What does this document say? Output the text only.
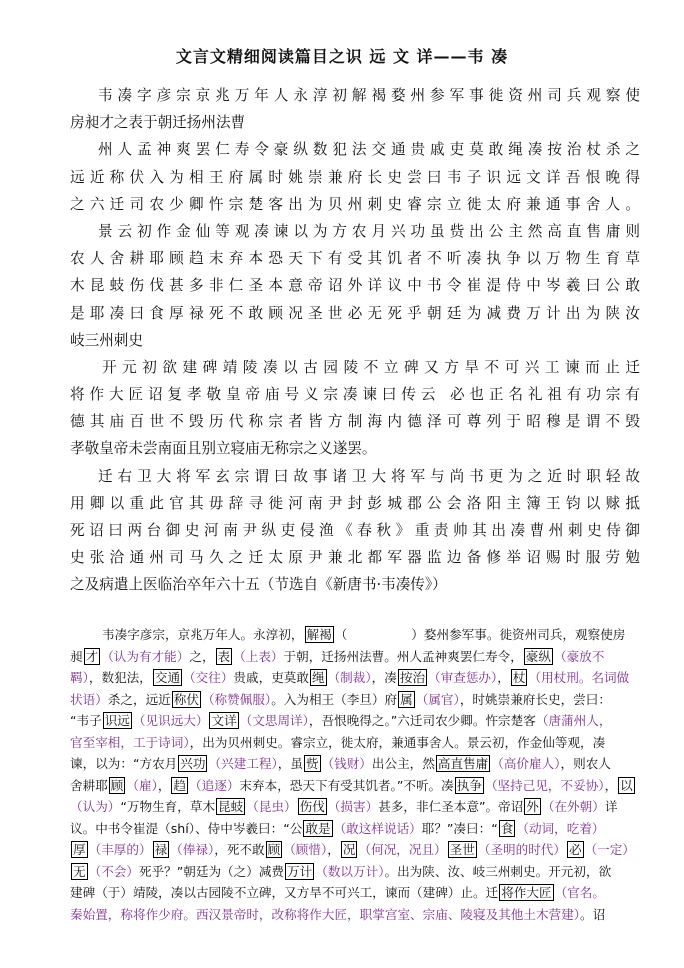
文言文精细阅读篇目之识 远 文 详——韦 凑
韦凑字彦宗京兆万年人永淳初解褐婺州参军事徙资州司兵观察使
房昶才之表于朝迁扬州法曹
州人孟神爽罢仁寿令豪纵数犯法交通贵戚吏莫敢绳凑按治杖杀之
远近称伏入为相王府属时姚崇兼府长史尝曰韦子识远文详吾恨晚得
之六迁司农少卿忤宗楚客出为贝州刺史睿宗立徙太府兼通事舍人。
景云初作金仙等观凑谏以为方农月兴功虽赀出公主然高直售庸则
农人舍耕耶顾趋末弃本恐天下有受其饥者不听凑执争以万物生育草
木昆蚑伤伐甚多非仁圣本意帝诏外详议中书令崔湜侍中岑羲曰公敢
是耶凑曰食厚禄死不敢顾况圣世必无死乎朝廷为减费万计出为陕汝
岐三州刺史
开元初欲建碑靖陵凑以古园陵不立碑又方旱不可兴工谏而止迁
将作大匠诏复孝敬皇帝庙号义宗凑谏曰传云 必也正名礼祖有功宗有
德其庙百世不毁历代称宗者皆方制海内德泽可尊列于昭穆是谓不毁
孝敬皇帝未尝南面且别立寝庙无称宗之义遂罢。
迁右卫大将军玄宗谓曰故事诸卫大将军与尚书更为之近时职轻故
用卿以重此官其毋辞寻徙河南尹封彭城郡公会洛阳主簿王钧以赇抵
死诏曰两台御史河南尹纵吏侵渔《春秋》重责帅其出凑曹州刺史侍御
史张洽通州司马久之迁太原尹兼北都军器监边备修举诏赐时服劳勉
之及病遣上医临治卒年六十五（节选自《新唐书·韦凑传》）
韦凑字彦宗，京兆万年人。永淳初， 解褐 （	）婺州参军事。徙资州司兵，观察使房
昶 才 （认为有才能）之， 表 （上表）于朝，迁扬州法曹。州人孟神爽罢仁寿令， 豪纵 （豪放不
羁），数犯法， 交通 （交往）贵戚，吏莫敢 绳 （制裁），凑 按治 （审查惩办）， 杖 （用杖刑。名词做
状语）杀之，远近 称伏 （称赞佩服）。入为相王（李旦）府 属 （属官），时姚崇兼府长史，尝曰：
“韦子 识远 （见识远大） 文详 （文思周详），吾恨晚得之。”六迁司农少卿。忤宗楚客（唐蒲州人，
官至宰相，工于诗词），出为贝州刺史。睿宗立，徙太府，兼通事舍人。景云初，作金仙等观，凑
谏，以为：“方农月 兴功 （兴建工程），虽 赀 （钱财）出公主，然 高直售庸 （高价雇人），则农人
舍耕耶 顾 （雇）， 趋 （追逐）末弃本，恐天下有受其饥者。”不听。凑 执争 （坚持己见，不妥协）， 以
（认为）“万物生育，草木 昆蚑 （昆虫） 伤伐 （损害）甚多，非仁圣本意”。帝诏 外 （在外朝）详
议。中书令崔湜（shí）、侍中岑羲曰：“公 敢是 （敢这样说话）耶？”凑曰：“ 食 （动词，吃着）
厚 （丰厚的） 禄 （俸禄），死不敢 顾 （顾惜）， 况 （何况，况且） 圣世 （圣明的时代） 必 （一定）
无 （不会）死乎？”朝廷为（之）减费 万计 （数以万计）。出为陕、汝、岐三州刺史。开元初，欲
建碑（于）靖陵，凑以古园陵不立碑，又方旱不可兴工，谏而（建碑）止。迁 将作大匠 （官名。
秦始置，称将作少府。西汉景帝时，改称将作大匠，职掌宫室、宗庙、陵寝及其他土木营建）。诏
